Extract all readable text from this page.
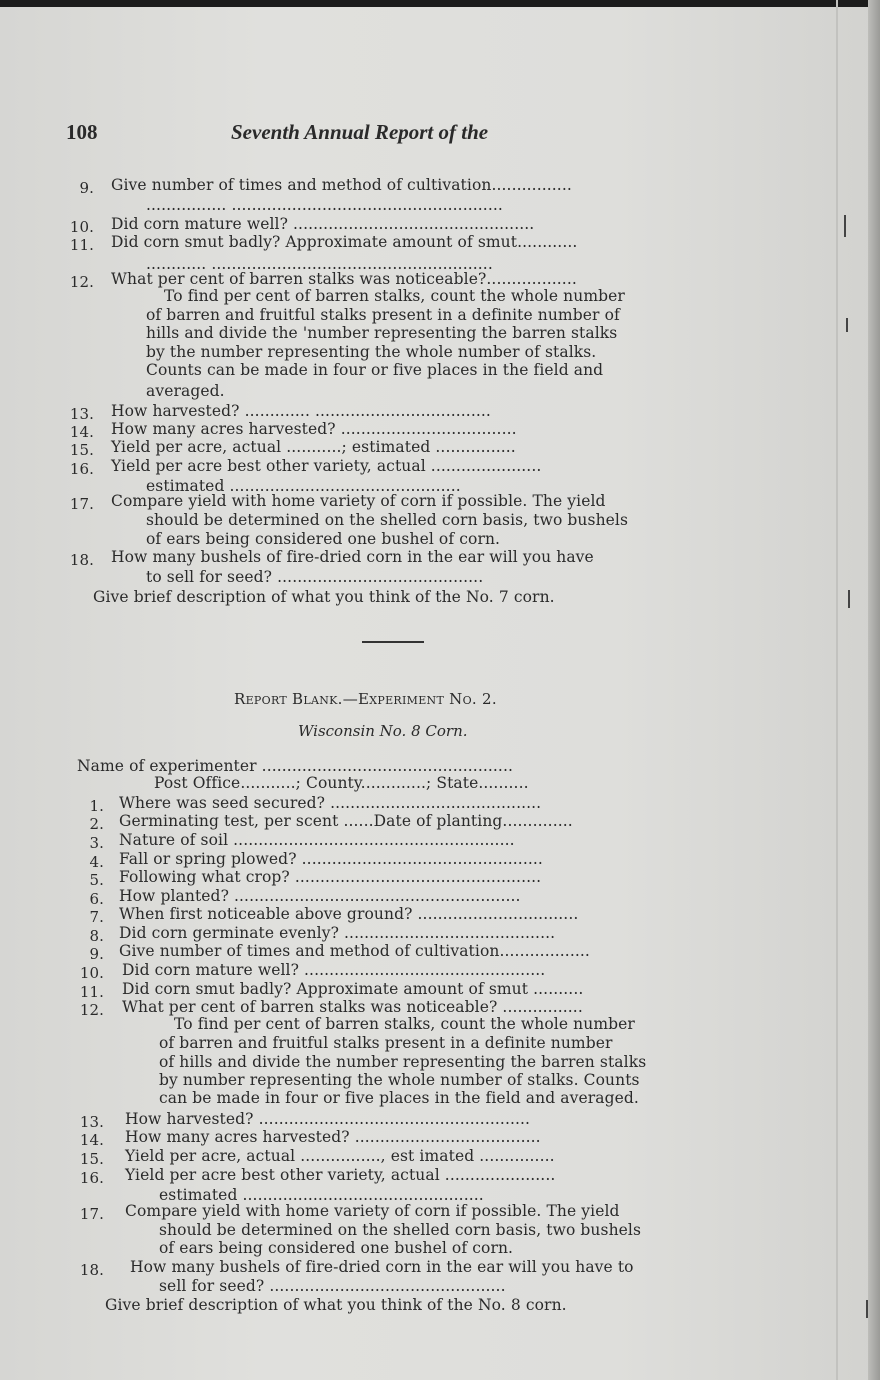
108	Seventh Annual Report of the
9. Give number of times and method of cultivation................
................ ......................................................
10. Did corn mature well? ................................................
11. Did corn smut badly? Approximate amount of smut............
............ ........................................................
12. What per cent of barren stalks was noticeable?..................
To find per cent of barren stalks, count the whole number
of barren and fruitful stalks present in a definite number of
hills and divide the 'number representing the barren stalks
by the number representing the whole number of stalks.
Counts can be made in four or five places in the field and
averaged.
13. How harvested? ............. ...................................
14. How many acres harvested? ...................................
15. Yield per acre, actual ...........; estimated ................
16. Yield per acre best other variety, actual ......................
estimated ..............................................
17. Compare yield with home variety of corn if possible. The yield
should be determined on the shelled corn basis, two bushels
of ears being considered one bushel of corn.
18. How many bushels of fire-dried corn in the ear will you have
to sell for seed? .........................................
Give brief description of what you think of the No. 7 corn.
Report Blank.—Experiment No. 2.
Wisconsin No. 8 Corn.
Name of experimenter ..................................................
Post Office...........; County.............; State..........
1. Where was seed secured? ..........................................
2. Germinating test, per scent ......Date of planting..............
3. Nature of soil ........................................................
4. Fall or spring plowed? ................................................
5. Following what crop? .................................................
6. How planted? .........................................................
7. When first noticeable above ground? ................................
8. Did corn germinate evenly? ..........................................
9. Give number of times and method of cultivation..................
10. Did corn mature well? ................................................
11. Did corn smut badly? Approximate amount of smut ..........
12. What per cent of barren stalks was noticeable? ................
To find per cent of barren stalks, count the whole number
of barren and fruitful stalks present in a definite number
of hills and divide the number representing the barren stalks
by number representing the whole number of stalks. Counts
can be made in four or five places in the field and averaged.
13. How harvested? ......................................................
14. How many acres harvested? .....................................
15. Yield per acre, actual ................, est imated ...............
16. Yield per acre best other variety, actual ......................
estimated ................................................
17. Compare yield with home variety of corn if possible. The yield
should be determined on the shelled corn basis, two bushels
of ears being considered one bushel of corn.
18. How many bushels of fire-dried corn in the ear will you have to
sell for seed? ...............................................
Give brief description of what you think of the No. 8 corn.
